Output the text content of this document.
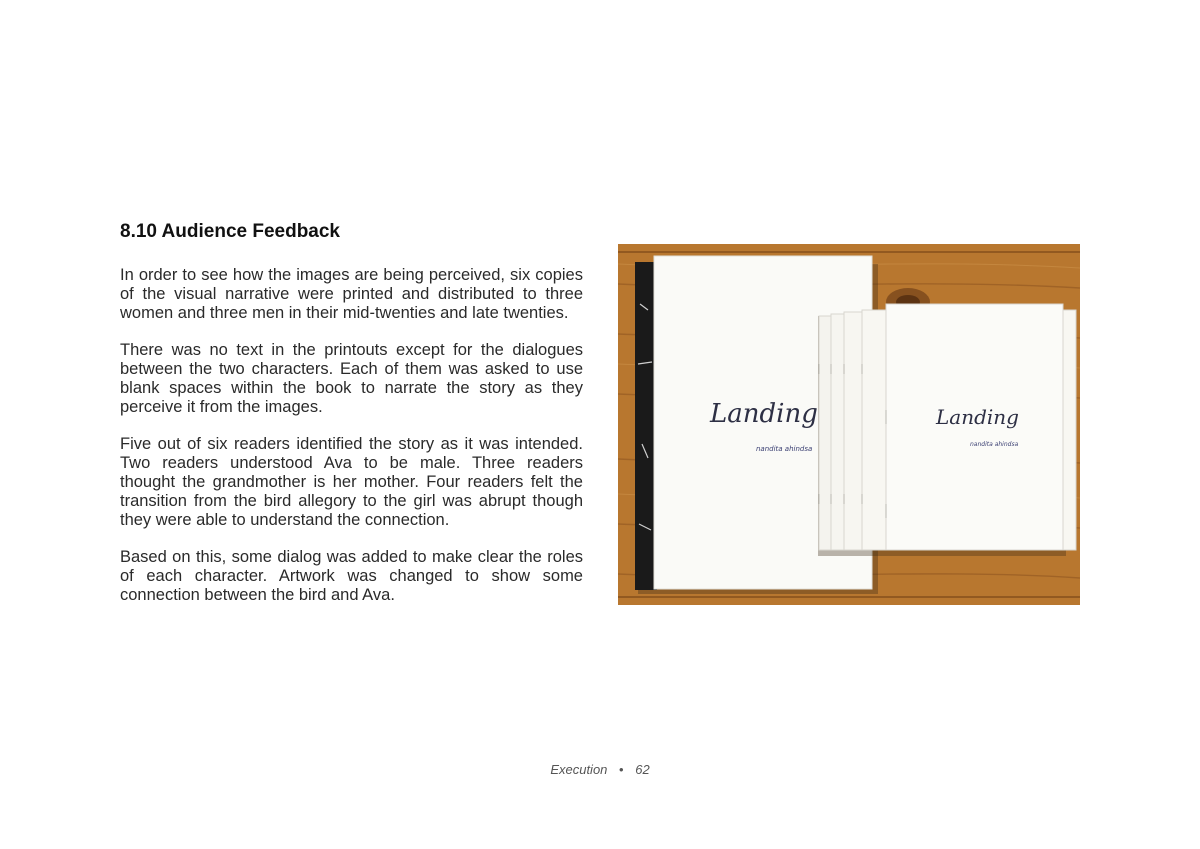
8.10 Audience Feedback

In order to see how the images are being perceived, six copies of the visual narrative were printed and distributed to three women and three men in their mid-twenties and late twenties.

There was no text in the printouts except for the dialogues between the two characters. Each of them was asked to use blank spaces within the book to narrate the story as they perceive it from the images.

Five out of six readers identified the story as it was intended. Two readers understood Ava to be male. Three readers thought the grandmother is her mother. Four readers felt the transition from the bird allegory to the girl was abrupt though they were able to understand the connection.

Based on this, some dialog was added to make clear the roles of each character. Artwork was changed to show some connection between the bird and Ava.

Landing
nandita ahindsa
Landing
nandita ahindsa
Execution • 62
